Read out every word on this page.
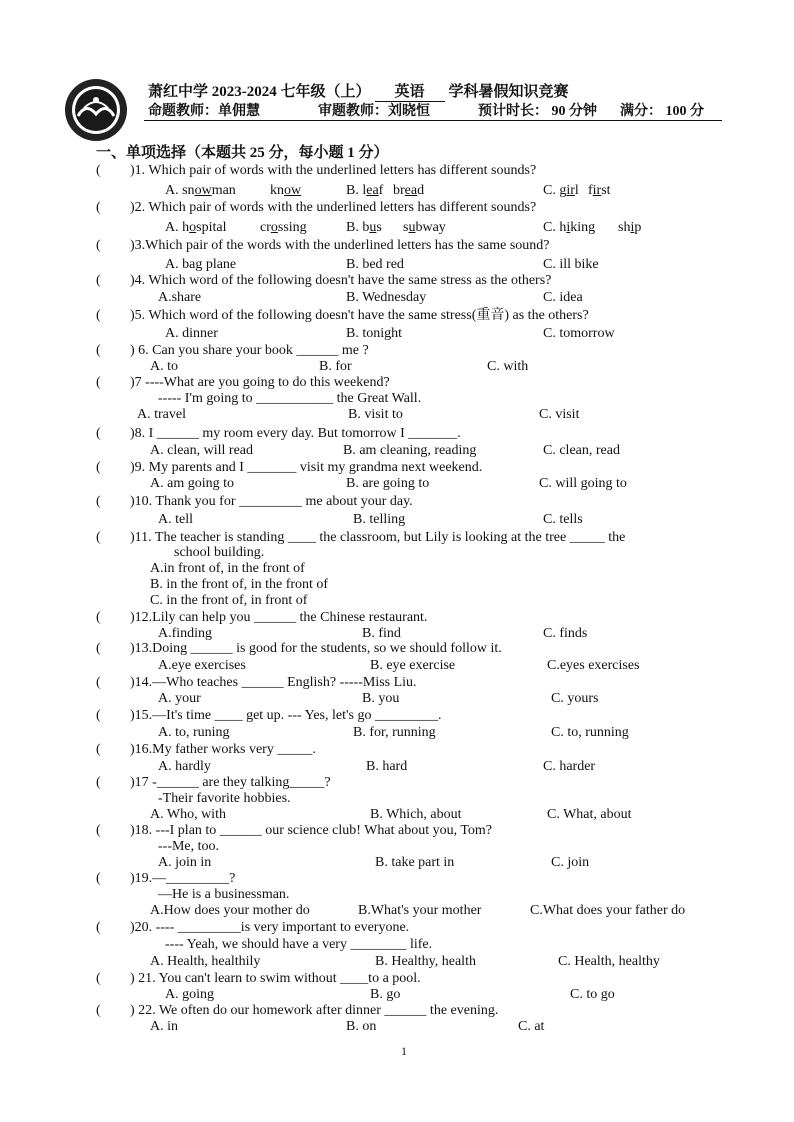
萧红中学 2023-2024 七年级（上） 英语 学科暑假知识竞赛
命题教师：单佣慧	审题教师：刘晓恒	预计时长： 90 分钟 满分： 100 分
一、单项选择（本题共 25 分，每小题 1 分）
1
( )1. Which pair of words with the underlined letters has different sounds?
A. snowman know	B. leaf bread	C. girl first
( )2. Which pair of words with the underlined letters has different sounds?
A. hospital crossing	B. bus subway	C. hiking ship
( )3.Which pair of the words with the underlined letters has the same sound?
A. bag plane	B. bed red	C. ill bike
( )4. Which word of the following doesn't have the same stress as the others?
A.share	B. Wednesday	C. idea
( )5. Which word of the following doesn't have the same stress(重音) as the others?
A. dinner	B. tonight	C. tomorrow
( ) 6. Can you share your book ______ me ?
A. to	B. for	C. with
( )7 ----What are you going to do this weekend?
----- I'm going to ___________ the Great Wall.
A. travel	B. visit to	C. visit
( )8. I ______ my room every day. But tomorrow I _______.
A. clean, will read	B. am cleaning, reading	C. clean, read
( )9. My parents and I _______ visit my grandma next weekend.
A. am going to	B. are going to	C. will going to
( )10. Thank you for _________ me about your day.
A. tell	B. telling	C. tells
( )11. The teacher is standing ____ the classroom, but Lily is looking at the tree _____ the
school building.
A.in front of, in the front of
B. in the front of, in the front of
C. in the front of, in front of
( )12.Lily can help you ______ the Chinese restaurant.
A.finding	B. find	C. finds
( )13.Doing ______ is good for the students, so we should follow it.
A.eye exercises	B. eye exercise	C.eyes exercises
( )14.—Who teaches ______ English? -----Miss Liu.
A. your	B. you	C. yours
( )15.—It's time ____ get up. --- Yes, let's go _________.
A. to, runing	B. for, running	C. to, running
( )16.My father works very _____.
A. hardly	B. hard	C. harder
( )17 -______ are they talking_____?
-Their favorite hobbies.
A. Who, with	B. Which, about	C. What, about
( )18. ---I plan to ______ our science club! What about you, Tom?
---Me, too.
A. join in	B. take part in	C. join
( )19.—_________?
—He is a businessman.
A.How does your mother do	B.What's your mother	C.What does your father do
( )20. ---- _________is very important to everyone.
---- Yeah, we should have a very ________ life.
A. Health, healthily	B. Healthy, health	C. Health, healthy
( ) 21. You can't learn to swim without ____to a pool.
A. going	B. go	C. to go
( ) 22. We often do our homework after dinner ______ the evening.
A. in	B. on	C. at
